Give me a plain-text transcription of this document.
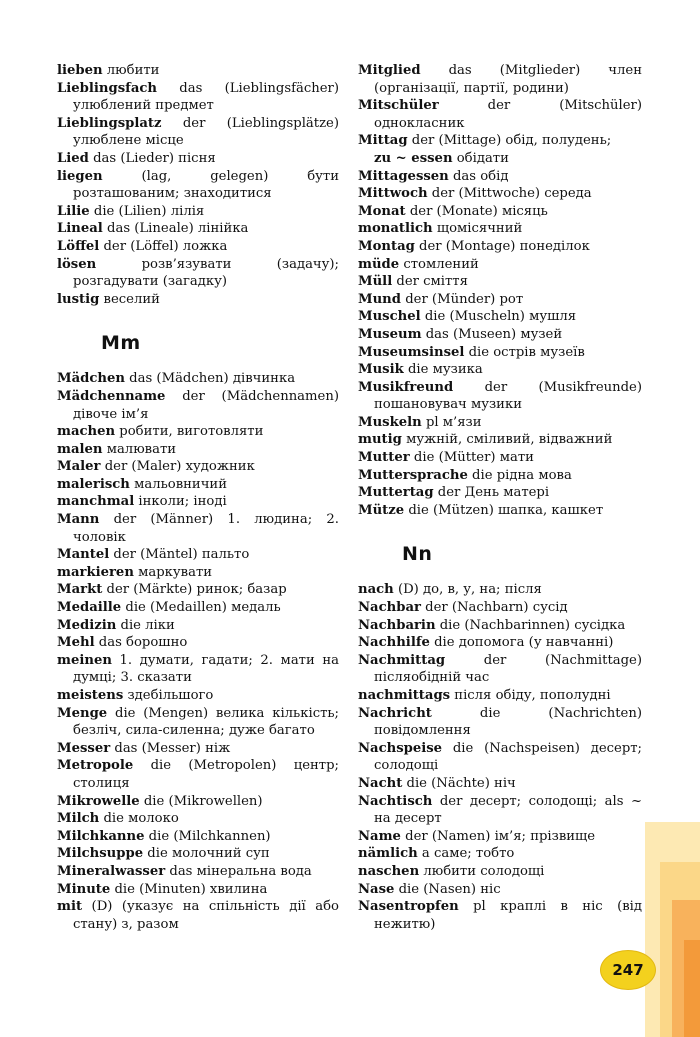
lieben любити

Lieblingsfach das (Lieblingsfächer) улюблений предмет

Lieblingsplatz der (Lieblingsplätze) улюблене місце

Lied das (Lieder) пісня

liegen (lag, gelegen) бути розташованим; знаходитися

Lilie die (Lilien) лілія

Lineal das (Lineale) лінійка

Löffel der (Löffel) ложка

lösen розв’язувати (задачу); розгадувати (загадку)

lustig веселий

Mm

Mädchen das (Mädchen) дівчинка

Mädchenname der (Mädchennamen) дівоче ім’я

machen робити, виготовляти

malen малювати

Maler der (Maler) художник

malerisch мальовничий

manchmal інколи; іноді

Mann der (Männer) 1. людина; 2. чоловік

Mantel der (Mäntel) пальто

markieren маркувати

Markt der (Märkte) ринок; базар

Medaille die (Medaillen) медаль

Medizin die ліки

Mehl das борошно

meinen 1. думати, гадати; 2. мати на думці; 3. сказати

meistens здебільшого

Menge die (Mengen) велика кількість; безліч, сила-силенна; дуже багато

Messer das (Messer) ніж

Metropole die (Metropolen) центр; столиця

Mikrowelle die (Mikrowellen)

Milch die молоко

Milchkanne die (Milchkannen)

Milchsuppe die молочний суп

Mineralwasser das мінеральна вода

Minute die (Minuten) хвилина

mit (D) (указує на спільність дії або стану) з, разом

Mitglied das (Mitglieder) член (організації, партії, родини)

Mitschüler der (Mitschüler) однокласник

Mittag der (Mittage) обід, полудень;

zu ~ essen обідати

Mittagessen das обід

Mittwoch der (Mittwoche) середа

Monat der (Monate) місяць

monatlich щомісячний

Montag der (Montage) понеділок

müde стомлений

Müll der сміття

Mund der (Münder) рот

Muschel die (Muscheln) мушля

Museum das (Museen) музей

Museumsinsel die острів музеїв

Musik die музика

Musikfreund der (Musikfreunde) пошановувач музики

Muskeln pl м’язи

mutig мужній, сміливий, відважний

Mutter die (Mütter) мати

Muttersprache die рідна мова

Muttertag der День матері

Mütze die (Mützen) шапка, кашкет

Nn

nach (D) до, в, у, на; після

Nachbar der (Nachbarn) сусід

Nachbarin die (Nachbarinnen) сусідка

Nachhilfe die допомога (у навчанні)

Nachmittag der (Nachmittage) післяобідній час

nachmittags після обіду, пополудні

Nachricht die (Nachrichten) повідомлення

Nachspeise die (Nachspeisen) десерт; солодощі

Nacht die (Nächte) ніч

Nachtisch der десерт; солодощі; als ~ на десерт

Name der (Namen) ім’я; прізвище

nämlich а саме; тобто

naschen любити солодощі

Nase die (Nasen) ніс

Nasentropfen pl краплі в ніс (від нежитю)

247
